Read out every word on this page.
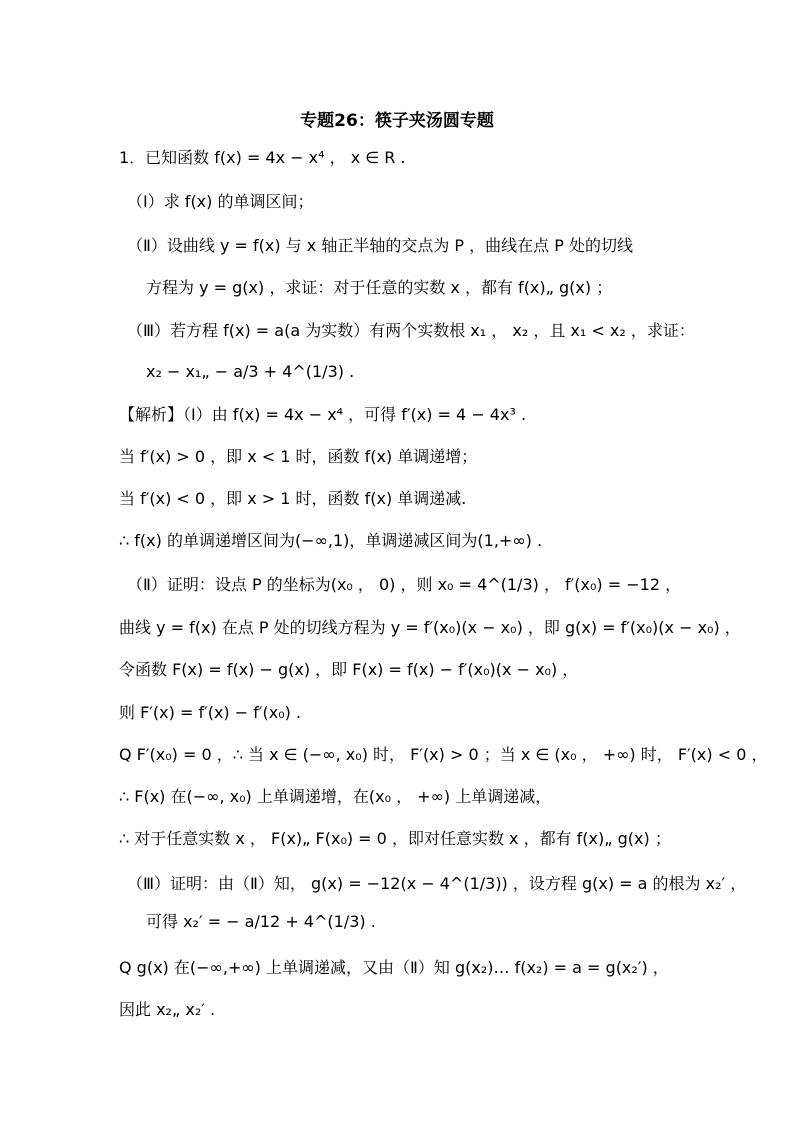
专题26：筷子夹汤圆专题
1．已知函数 f(x) = 4x − x⁴ ， x ∈ R .
（Ⅰ）求 f(x) 的单调区间；
（Ⅱ）设曲线 y = f(x) 与 x 轴正半轴的交点为 P ，曲线在点 P 处的切线
方程为 y = g(x) ，求证：对于任意的实数 x ，都有 f(x)„ g(x) ；
（Ⅲ）若方程 f(x) = a(a 为实数）有两个实数根 x₁ ， x₂ ，且 x₁ < x₂ ，求证：
x₂ − x₁„ − a/3 + 4^(1/3) .
【解析】（Ⅰ）由 f(x) = 4x − x⁴ ，可得 f′(x) = 4 − 4x³ .
当 f′(x) > 0 ，即 x < 1 时，函数 f(x) 单调递增；
当 f′(x) < 0 ，即 x > 1 时，函数 f(x) 单调递减.
∴ f(x) 的单调递增区间为(−∞,1)，单调递减区间为(1,+∞) .
（Ⅱ）证明：设点 P 的坐标为(x₀ ， 0) ，则 x₀ = 4^(1/3) ， f′(x₀) = −12 ，
曲线 y = f(x) 在点 P 处的切线方程为 y = f′(x₀)(x − x₀) ，即 g(x) = f′(x₀)(x − x₀) ，
令函数 F(x) = f(x) − g(x) ，即 F(x) = f(x) − f′(x₀)(x − x₀) ，
则 F′(x) = f′(x) − f′(x₀) .
Q F′(x₀) = 0 ，∴ 当 x ∈ (−∞, x₀) 时， F′(x) > 0 ；当 x ∈ (x₀ ， +∞) 时， F′(x) < 0 ，
∴ F(x) 在(−∞, x₀) 上单调递增，在(x₀ ， +∞) 上单调递减，
∴ 对于任意实数 x ， F(x)„ F(x₀) = 0 ，即对任意实数 x ，都有 f(x)„ g(x) ；
（Ⅲ）证明：由（Ⅱ）知， g(x) = −12(x − 4^(1/3)) ，设方程 g(x) = a 的根为 x₂′ ，
可得 x₂′ = − a/12 + 4^(1/3) .
Q g(x) 在(−∞,+∞) 上单调递减，又由（Ⅱ）知 g(x₂)… f(x₂) = a = g(x₂′) ，
因此 x₂„ x₂′ .
